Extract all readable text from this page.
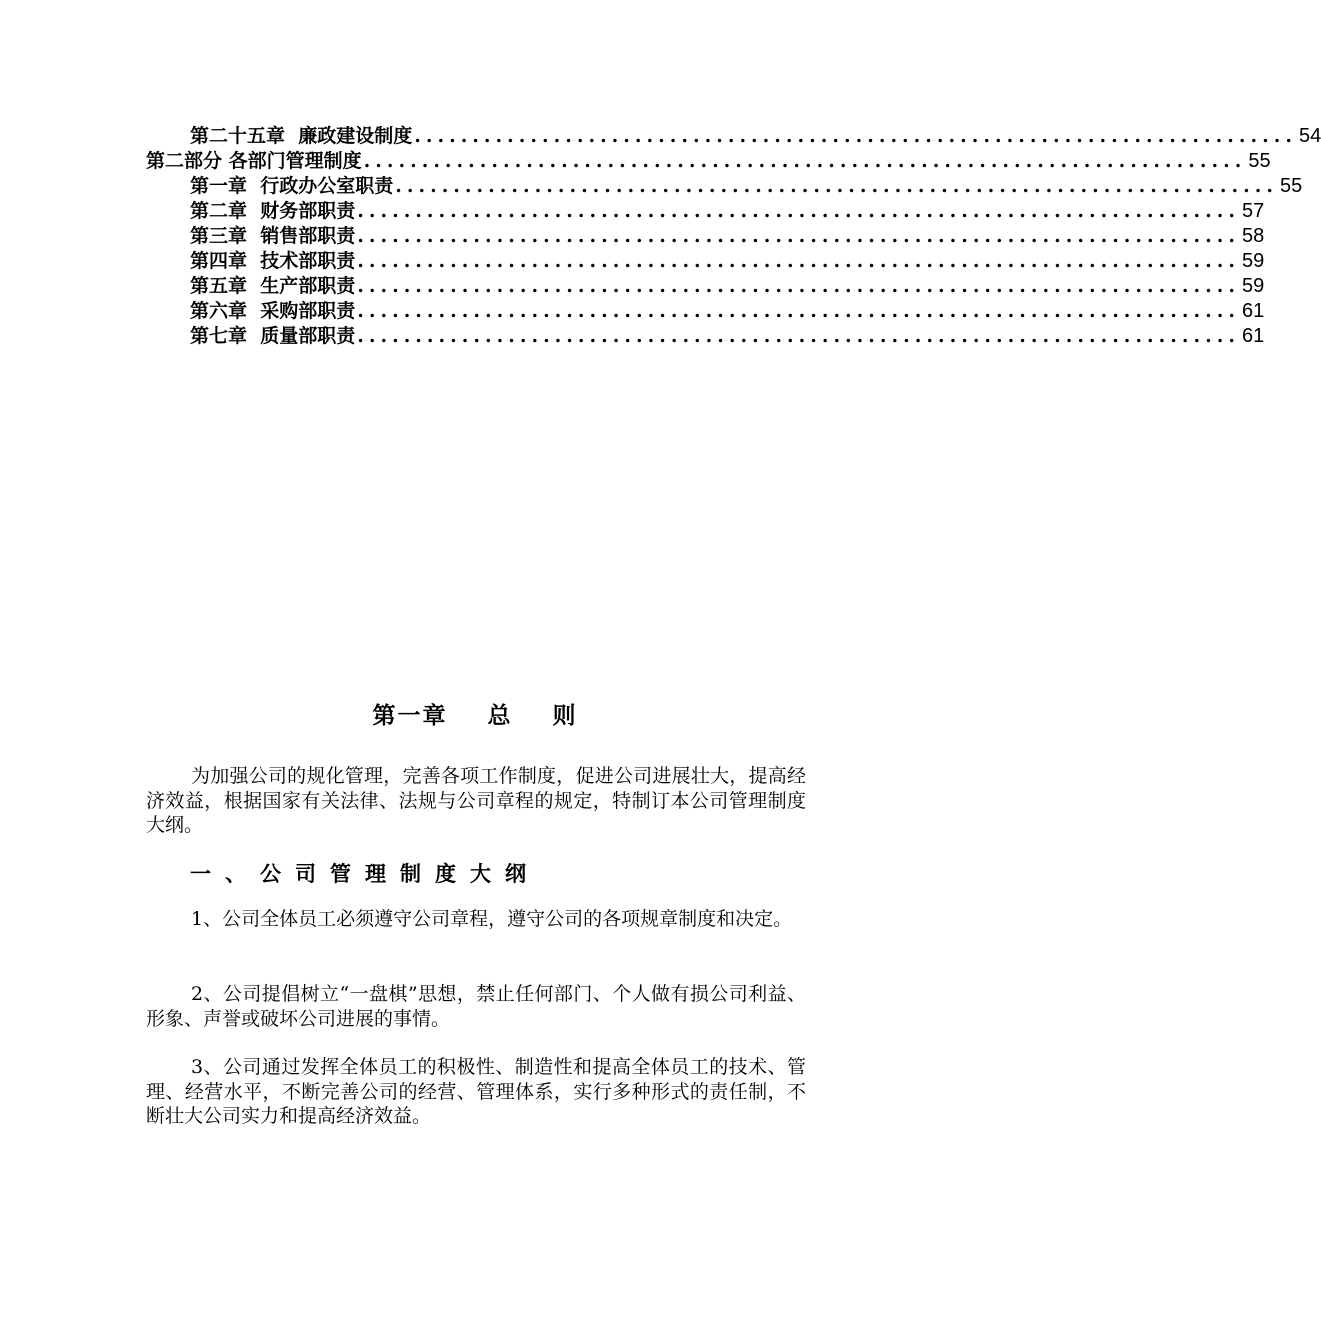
第二十五章  廉政建设制度 ............................................................................ 54
第二部分 各部门管理制度 ............................................................................ 55
第一章  行政办公室职责 ............................................................................ 55
第二章  财务部职责 ............................................................................ 57
第三章  销售部职责 ............................................................................ 58
第四章  技术部职责 ............................................................................ 59
第五章  生产部职责 ............................................................................ 59
第六章  采购部职责 ............................................................................ 61
第七章  质量部职责 ............................................................................ 61
第一章    总    则

为加强公司的规化管理，完善各项工作制度，促进公司进展壮大，提高经济效益，根据国家有关法律、法规与公司章程的规定，特制订本公司管理制度大纲。

一、公司管理制度大纲

1、公司全体员工必须遵守公司章程，遵守公司的各项规章制度和决定。

2、公司提倡树立“一盘棋”思想，禁止任何部门、个人做有损公司利益、形象、声誉或破坏公司进展的事情。

3、公司通过发挥全体员工的积极性、制造性和提高全体员工的技术、管理、经营水平，不断完善公司的经营、管理体系，实行多种形式的责任制，不断壮大公司实力和提高经济效益。
